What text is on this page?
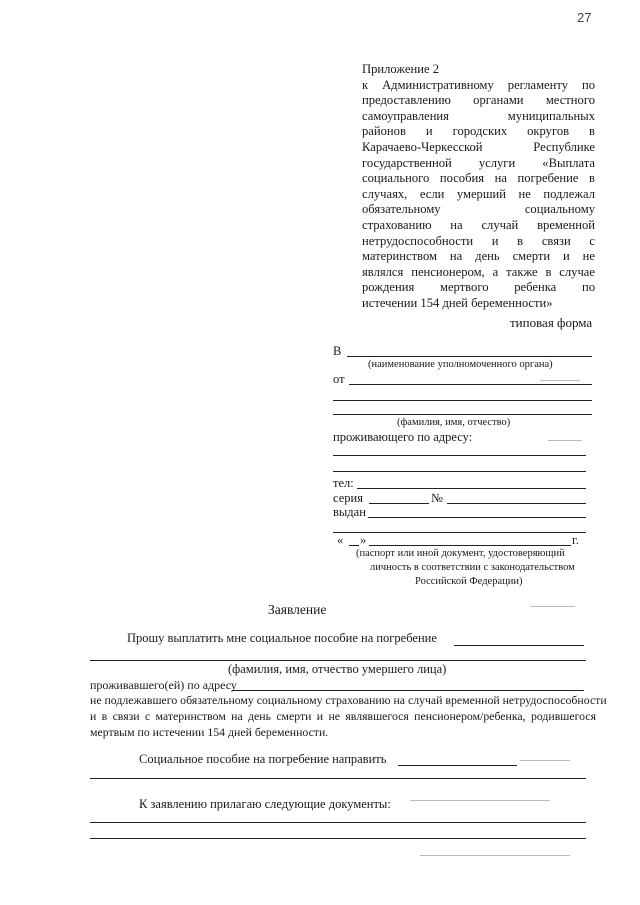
27
Приложение 2
к Административному регламенту по
предоставлению органами местного
самоуправления муниципальных
районов и городских округов в
Карачаево-Черкесской Республике
государственной услуги «Выплата
социального пособия на погребение в
случаях, если умерший не подлежал
обязательному социальному
страхованию на случай временной
нетрудоспособности и в связи с
материнством на день смерти и не
являлся пенсионером, а также в случае
рождения мертвого ребенка по
истечении 154 дней беременности»
типовая форма
В
(наименование уполномоченного органа)
от
(фамилия, имя, отчество)
проживающего по адресу:
тел:
серия	№
выдан
« »	г.
(паспорт или иной документ, удостоверяющий
личность в соответствии с законодательством
Российской Федерации)
Заявление
Прошу выплатить мне социальное пособие на погребение
(фамилия, имя, отчество умершего лица)
проживавшего(ей) по адресу
не подлежавшего обязательному социальному страхованию на случай временной нетрудоспособности
и в связи с материнством на день смерти и не являвшегося пенсионером/ребенка, родившегося
мертвым по истечении 154 дней беременности.
Социальное пособие на погребение направить
К заявлению прилагаю следующие документы:
